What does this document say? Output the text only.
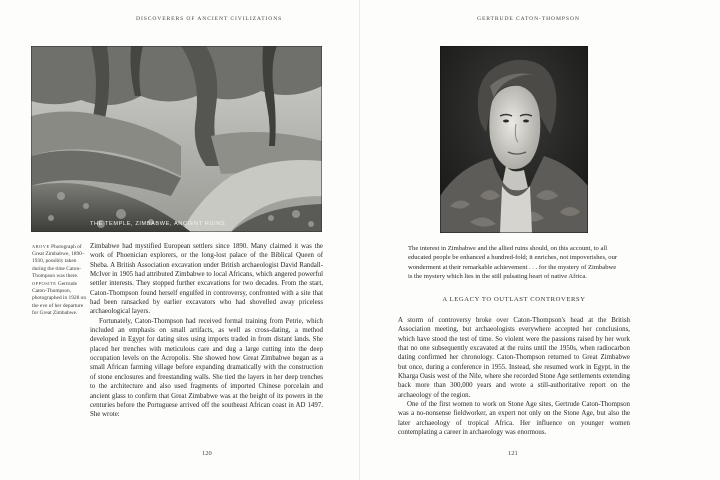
DISCOVERERS OF ANCIENT CIVILIZATIONS
THE TEMPLE, ZIMBABWE, ANCIENT RUINS

ABOVE Photograph of Great Zimbabwe, 1890–1930, possibly taken during the time Caton-Thompson was there.

OPPOSITE Gertrude Caton-Thompson, photographed in 1928 on the eve of her departure for Great Zimbabwe.

Zimbabwe had mystified European settlers since 1890. Many claimed it was the work of Phoenician explorers, or the long-lost palace of the Biblical Queen of Sheba. A British Association excavation under British archaeologist David Randall-McIver in 1905 had attributed Zimbabwe to local Africans, which angered powerful settler interests. They stopped further excavations for two decades. From the start, Caton-Thompson found herself engulfed in controversy, confronted with a site that had been ransacked by earlier excavators who had shovelled away priceless archaeological layers.

Fortunately, Caton-Thompson had received formal training from Petrie, which included an emphasis on small artifacts, as well as cross-dating, a method developed in Egypt for dating sites using imports traded in from distant lands. She placed her trenches with meticulous care and dug a large cutting into the deep occupation levels on the Acropolis. She showed how Great Zimbabwe began as a small African farming village before expanding dramatically with the construction of stone enclosures and freestanding walls. She tied the layers in her deep trenches to the architecture and also used fragments of imported Chinese porcelain and ancient glass to confirm that Great Zimbabwe was at the height of its powers in the centuries before the Portuguese arrived off the southeast African coast in AD 1497. She wrote:

120
GERTRUDE CATON-THOMPSON
121

The interest in Zimbabwe and the allied ruins should, on this account, to all educated people be enhanced a hundred-fold; it enriches, not impoverishes, our wonderment at their remarkable achievement . . . for the mystery of Zimbabwe is the mystery which lies in the still pulsating heart of native Africa.

A LEGACY TO OUTLAST CONTROVERSY

A storm of controversy broke over Caton-Thompson's head at the British Association meeting, but archaeologists everywhere accepted her conclusions, which have stood the test of time. So violent were the passions raised by her work that no one subsequently excavated at the ruins until the 1950s, when radiocarbon dating confirmed her chronology. Caton-Thompson returned to Great Zimbabwe but once, during a conference in 1955. Instead, she resumed work in Egypt, in the Kharga Oasis west of the Nile, where she recorded Stone Age settlements extending back more than 300,000 years and wrote a still-authoritative report on the archaeology of the region.

One of the first women to work on Stone Age sites, Gertrude Caton-Thompson was a no-nonsense fieldworker, an expert not only on the Stone Age, but also the later archaeology of tropical Africa. Her influence on younger women contemplating a career in archaeology was enormous.
